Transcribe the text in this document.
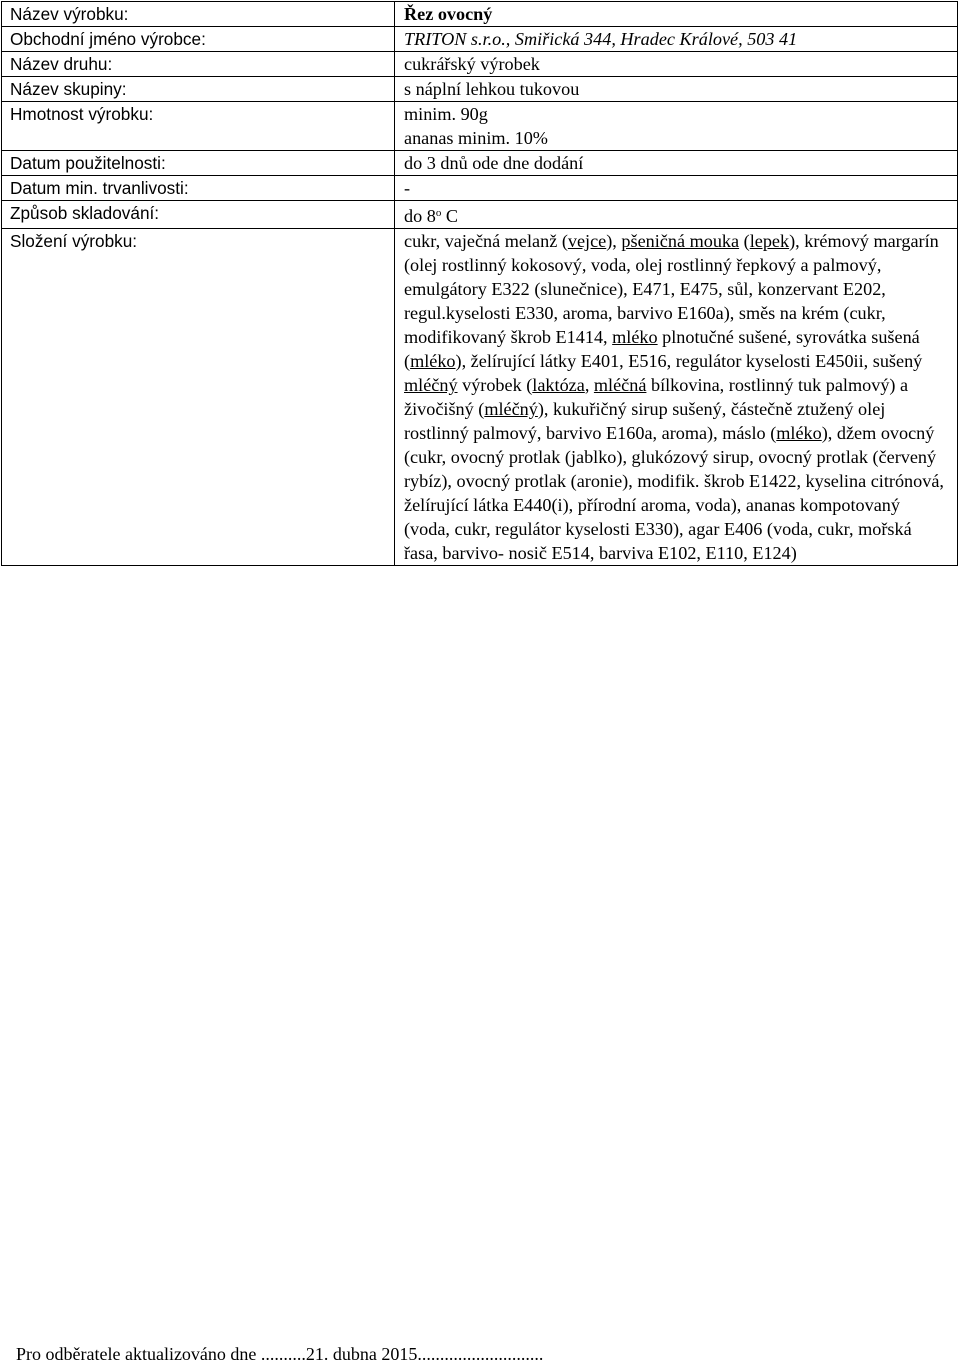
Název výrobku:	Řez ovocný
Obchodní jméno výrobce:	TRITON s.r.o., Smiřická 344, Hradec Králové, 503 41
Název druhu:	cukrářský výrobek
Název skupiny:	s náplní lehkou tukovou
Hmotnost výrobku:	minim. 90g
ananas minim. 10%

Datum použitelnosti:	do 3 dnů ode dne dodání
Datum min. trvanlivosti:	-
Způsob skladování:	do 8$^o$ C
Složení výrobku:	cukr, vaječná melanž (vejce), pšeničná mouka (lepek), krémový margarín (olej rostlinný kokosový, voda, olej rostlinný řepkový a palmový, emulgátory E322 (slunečnice), E471, E475, sůl, konzervant E202, regul.kyselosti E330, aroma, barvivo E160a), směs na krém (cukr, modifikovaný škrob E1414, mléko plnotučné sušené, syrovátka sušená (mléko), želírující látky E401, E516, regulátor kyselosti E450ii, sušený mléčný výrobek (laktóza, mléčná bílkovina, rostlinný tuk palmový) a živočišný (mléčný), kukuřičný sirup sušený, částečně ztužený olej rostlinný palmový, barvivo E160a, aroma), máslo (mléko), džem ovocný (cukr, ovocný protlak (jablko), glukózový sirup, ovocný protlak (červený rybíz), ovocný protlak (aronie), modifik. škrob E1422, kyselina citrónová, želírující látka E440(i), přírodní aroma, voda), ananas kompotovaný (voda, cukr, regulátor kyselosti E330), agar E406 (voda, cukr, mořská řasa, barvivo- nosič E514, barviva E102, E110, E124)
Pro odběratele aktualizováno dne ..........21. dubna 2015............................
